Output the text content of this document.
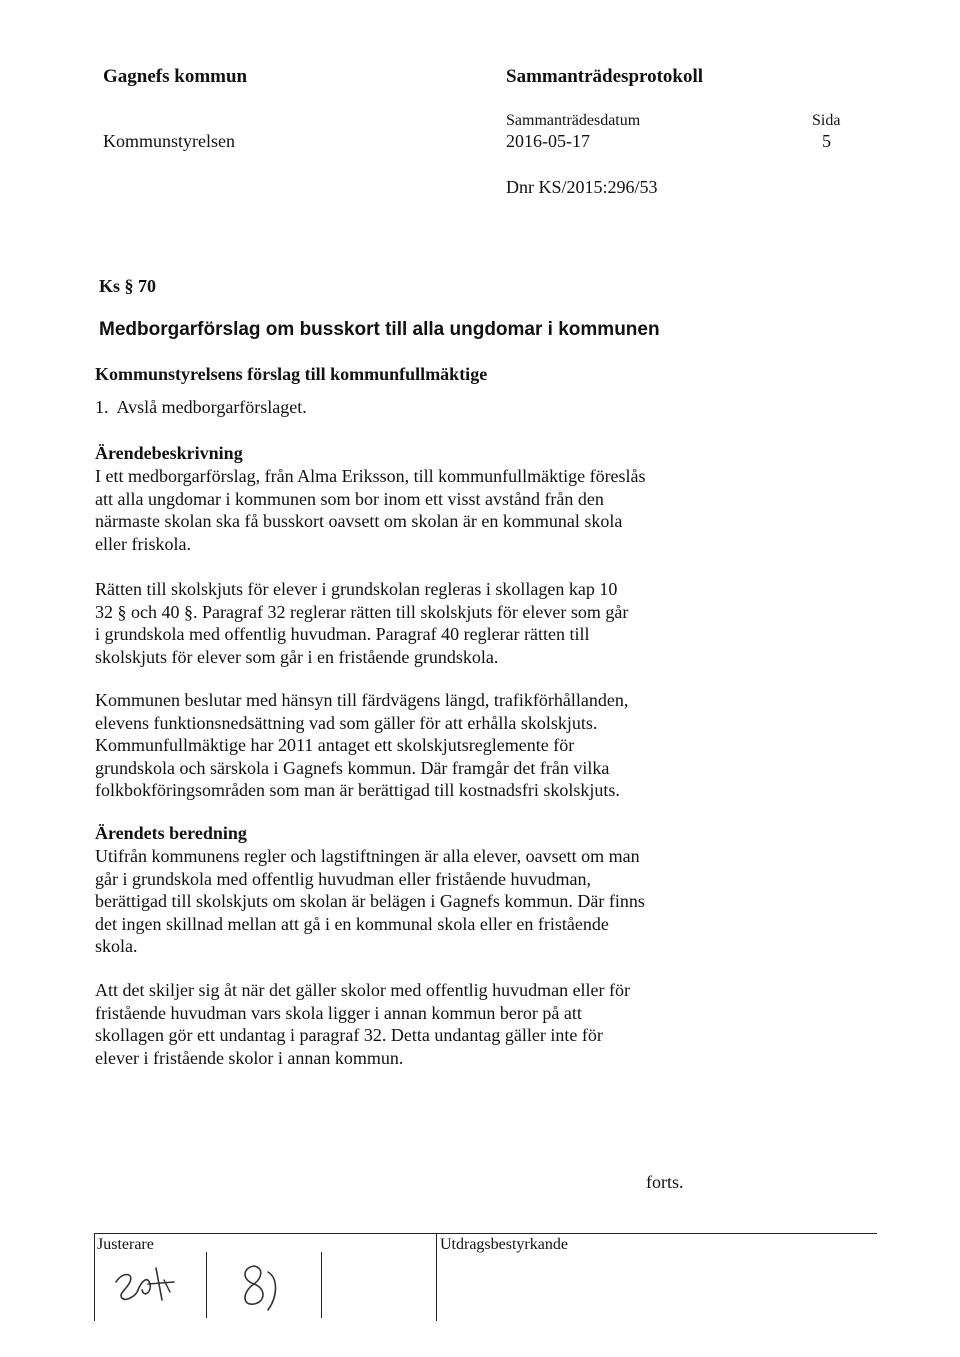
Gagnefs kommun	Sammanträdesprotokoll
Kommunstyrelsen
Sammanträdesdatum
2016-05-17
Sida
5
Dnr KS/2015:296/53
Ks § 70
Medborgarförslag om busskort till alla ungdomar i kommunen
Kommunstyrelsens förslag till kommunfullmäktige
1.  Avslå medborgarförslaget.
Ärendebeskrivning
I ett medborgarförslag, från Alma Eriksson, till kommunfullmäktige föreslås
att alla ungdomar i kommunen som bor inom ett visst avstånd från den
närmaste skolan ska få busskort oavsett om skolan är en kommunal skola
eller friskola.
Rätten till skolskjuts för elever i grundskolan regleras i skollagen kap 10
32 § och 40 §. Paragraf 32 reglerar rätten till skolskjuts för elever som går
i grundskola med offentlig huvudman. Paragraf 40 reglerar rätten till
skolskjuts för elever som går i en fristående grundskola.
Kommunen beslutar med hänsyn till färdvägens längd, trafikförhållanden,
elevens funktionsnedsättning vad som gäller för att erhålla skolskjuts.
Kommunfullmäktige har 2011 antaget ett skolskjutsreglemente för
grundskola och särskola i Gagnefs kommun. Där framgår det från vilka
folkbokföringsområden som man är berättigad till kostnadsfri skolskjuts.
Ärendets beredning
Utifrån kommunens regler och lagstiftningen är alla elever, oavsett om man
går i grundskola med offentlig huvudman eller fristående huvudman,
berättigad till skolskjuts om skolan är belägen i Gagnefs kommun. Där finns
det ingen skillnad mellan att gå i en kommunal skola eller en fristående
skola.
Att det skiljer sig åt när det gäller skolor med offentlig huvudman eller för
fristående huvudman vars skola ligger i annan kommun beror på att
skollagen gör ett undantag i paragraf 32. Detta undantag gäller inte för
elever i fristående skolor i annan kommun.
forts.
Justerare	Utdragsbestyrkande
